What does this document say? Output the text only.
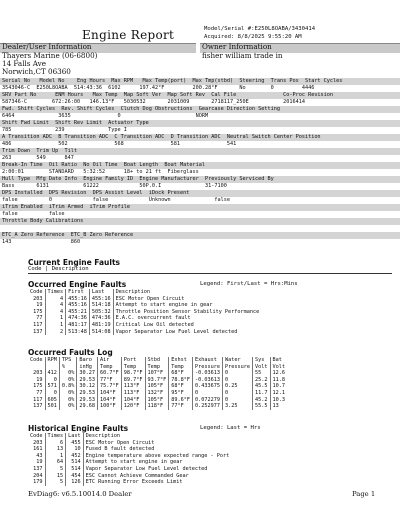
Engine Report	Model/Serial #:E250L8OABA/3430414
Acquired: 8/8/2025 9:55:20 AM
Dealer/User Information	Owner Information
Thayers Marine (06-6800)	fisher william trade in
14 Falls Ave
Norwich,CT 06360
Serial No   Model No    Eng Hours  Max RPM   Max Temp(port)  Max Tmp(stbd)  Steering  Trans Pos  Start Cycles
3543046-C  E250L8OABA  514:43:36  6102      197.42°F         200.28°F       No        0         4446
SRV Part No      ENM Hours   Max Temp  Map Soft Ver  Map Soft Rev  Cal File               Co-Proc Revision
587346-C        672:26:00   146.13°F   5030532       2031009       2718117_250E           2016414
Fwd. Shift Cycles  Rev. Shift Cycles  Clutch Dog Obstructions  Gearcase Direction Setting
6464              3635               0                        NORM
Shift Fwd Limit  Shift Rev Limit  Actuator Type
785              239              Type I
A Transition ADC  B Transition ADC  C Transition ADC  D Transition ADC  Neutral Switch Center Position
486               502               568               581               541
Trim Down  Trim Up  Tilt
263        549      847
Break-In Time  Oil Ratio  No Oil Time  Boat Length  Boat Material
2:00:01        STANDARD   5:32:52      18+ to 21 ft  Fiberglass
Hull Type  Mfg Date Info  Engine Family ID  Engine Manufacturer  Previously Serviced By
Bass       6131           61222             50P.0.I              31-7100
DPS Installed  DPS Revision  DPS Assist Level  iDock Present
false          0             false             Unknown              false
iTrim Enabled  iTrim Armed  iTrim Profile
false          false
Throttle Body Calibrations
ETC_A Zero Reference  ETC_B Zero Reference
143                   860
Current Engine Faults
Code | Description
Occurred Engine Faults	Legend: First/Last = Hrs:Mins
Code	Times	First	Last	Description
203	4	455:16	455:16	ESC Motor Open Circuit
19	4	455:16	514:18	Attempt to start engine in gear
175	4	455:21	505:32	Throttle Position Sensor Stability Performance
77	1	474:36	474:36	E.A.C. overcurrent fault
117	1	481:17	481:19	Critical Low Oil detected
137	2	513:48	514:08	Vapor Separator Low Fuel Level detected
Occurred Faults Log
Code	RPM	TPS	Baro	Air	Port	Stbd	Exhst	Exhaust	Water	Sys	Bat
		%	inHg	Temp	Temp	Temp	Temp	Pressure	Pressure	Volt	Volt
203	412	0%	30.27	60.7°F	98.7°F	107°F	68°F	-0.03613	0	55	12.6
19	0	0%	29.53	77°F	89.7°F	93.7°F	78.8°F	-0.03613	0	25.2	11.8
175	571	0.8%	30.12	75.7°F	113°F	105°F	68°F	0.433675	0.25	45.5	10.7
77	0	0%	29.53	104°F	113°F	132°F	95°F	0	0	11.7	12.1
117	605	0%	29.53	104°F	104°F	105°F	89.6°F	0.072279	0	45.2	10.3
137	501	0%	29.68	100°F	120°F	118°F	77°F	0.252977	3.25	55.5	13
Historical Engine Faults	Legend: Last = Hrs
Code	Times	Last	Description
203	6	455	ESC Motor Open Circuit
161	13	10	Fused B fault detected
43	1	452	Engine temperature above expected range - Port
19	64	514	Attempt to start engine in gear
137	5	514	Vapor Separator Low Fuel Level detected
204	15	454	ESC Cannot Achieve Commanded Gear
179	5	126	ETC Running Error Exceeds Limit
EvDiag6: v6.5.10014.0 Dealer	Page 1
